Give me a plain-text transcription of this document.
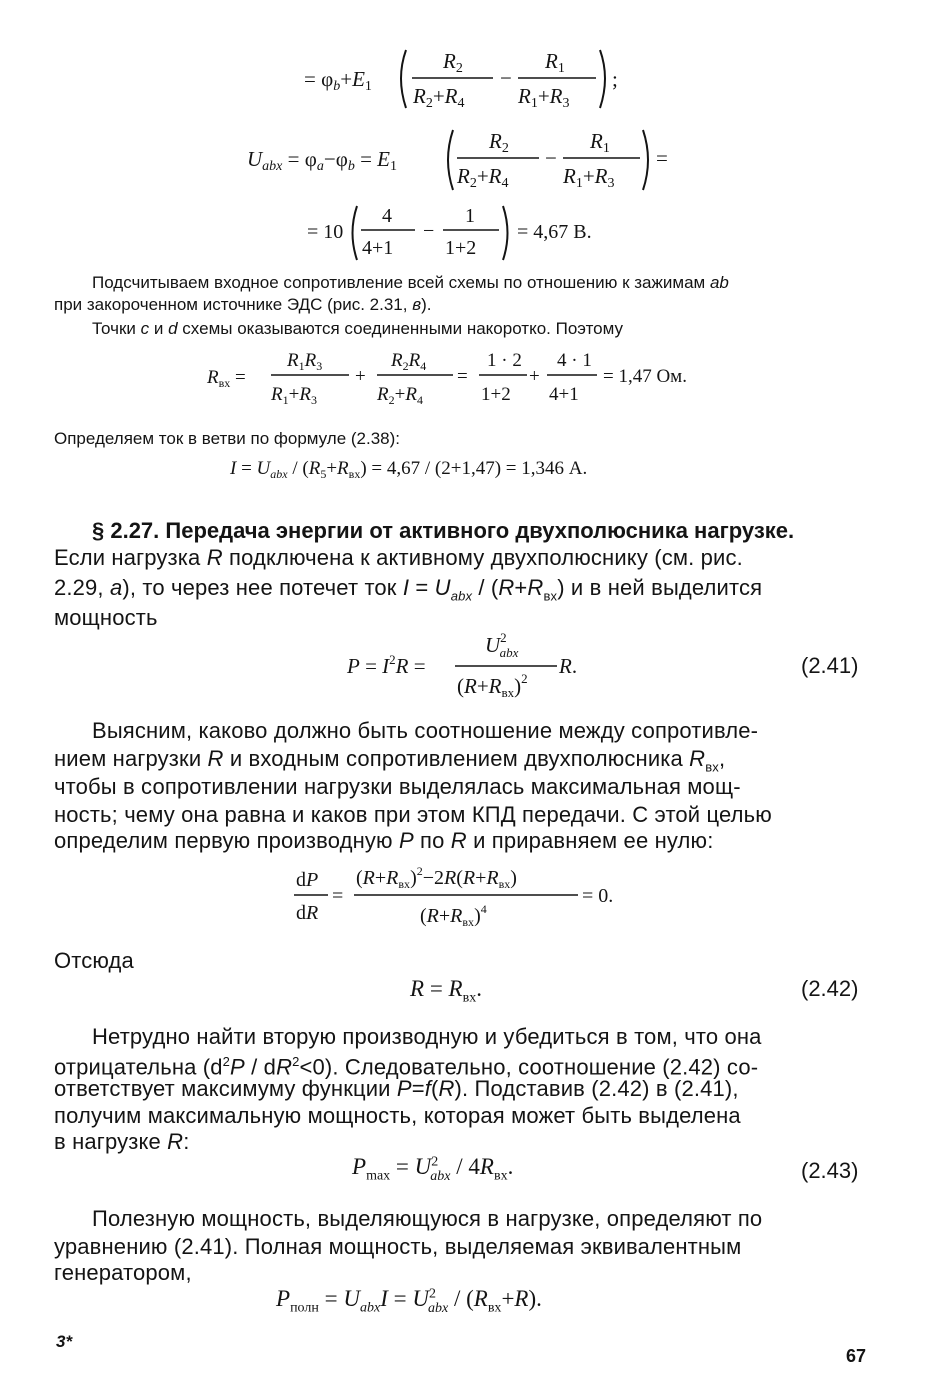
= φb+E1
R2
R2+R4
−
R1
R1+R3
;
Uabx = φa−φb = E1
R2
R2+R4
−
R1
R1+R3
=
= 10
4
4+1
−
1
1+2
= 4,67 В.
Подсчитываем входное сопротивление всей схемы по отношению к зажимам ab
при закороченном источнике ЭДС (рис. 2.31, в).
Точки c и d схемы оказываются соединенными накоротко. Поэтому
$R_{вх}$ =
$R_1R_3$
$R_1+R_3$
+
$R_2R_4$
$R_2+R_4$
=
1 · 2
1+2
+
4 · 1
4+1
= 1,47 Ом.
Определяем ток в ветви по формуле (2.38):
$I = U_{abx} / (R_5+R_{вх}) = 4,67 / (2+1,47) = 1,346$ А.
§ 2.27. Передача энергии от активного двухполюсника нагрузке.
Если нагрузка R подключена к активному двухполюснику (см. рис.
2.29, а), то через нее потечет ток $I = U_{abx} / (R+R_{вх})$ и в ней выделится
мощность
$P = I^2R$ =
$U^2$ abx
$(R+Rвх)^2$
R.	(2.41)
Выясним, каково должно быть соотношение между сопротивле-
нием нагрузки R и входным сопротивлением двухполюсника $R_{вх}$,
чтобы в сопротивлении нагрузки выделялась максимальная мощ-
ность; чему она равна и каков при этом КПД передачи. С этой целью
определим первую производную P по R и приравняем ее нулю:
dP
dR
=
$(R+R_{вх})^2-2R(R+R_{вх})$
$(R+R_{вх})^4$
= 0.
Отсюда
$R = R_{вх}$.	(2.42)
Нетрудно найти вторую производную и убедиться в том, что она
отрицательна $(d^2P / dR^2<0)$. Следовательно, соотношение (2.42) со-
ответствует максимуму функции P=f(R). Подставив (2.42) в (2.41),
получим максимальную мощность, которая может быть выделена
в нагрузке R:
$P_{max} = U^2_{abx} / 4R_{вх}$.	(2.43)
Полезную мощность, выделяющуюся в нагрузке, определяют по
уравнению (2.41). Полная мощность, выделяемая эквивалентным
генератором,
$P_{полн} = U_{abx}I = U^2_{abx} / (R_{вх}+R)$.
3*
67
